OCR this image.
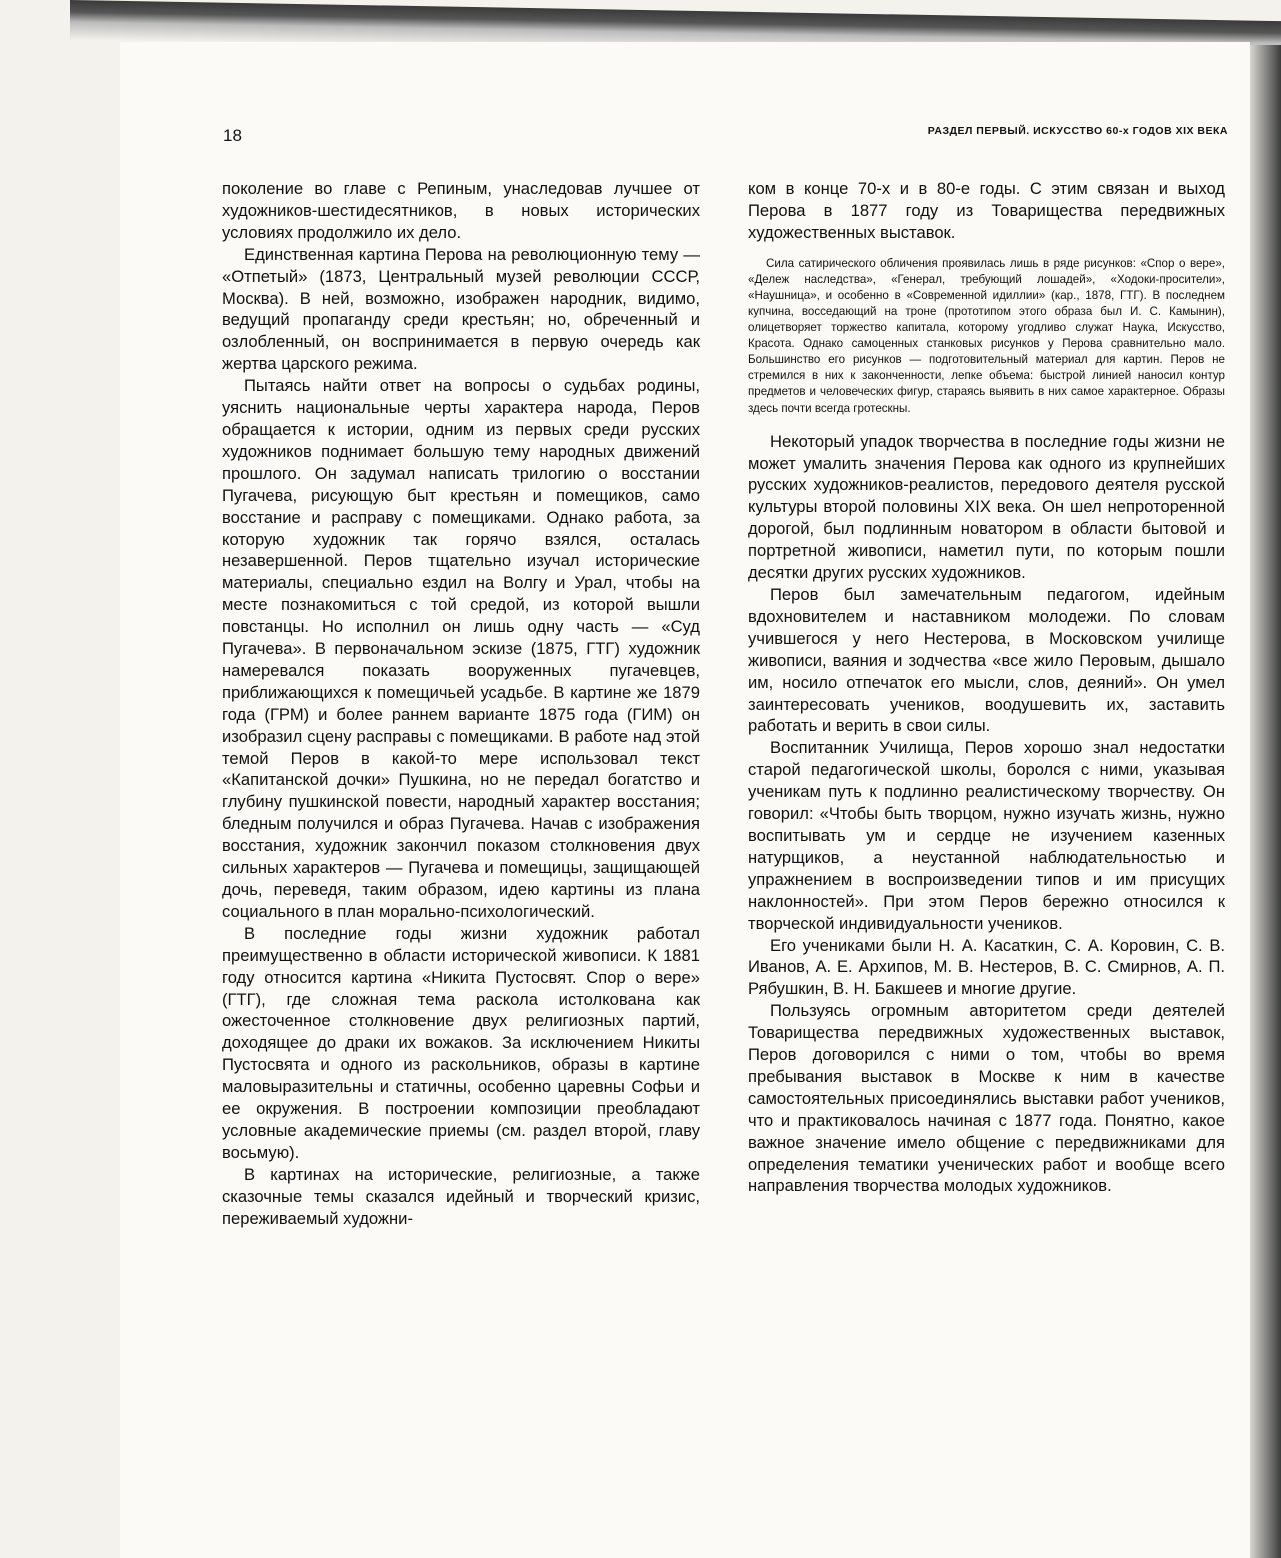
18	РАЗДЕЛ ПЕРВЫЙ. ИСКУССТВО 60-х ГОДОВ XIX ВЕКА

поколение во главе с Репиным, унаследовав лучшее от художников-шестидесятников, в новых исторических условиях продолжило их дело.

Единственная картина Перова на революционную тему — «Отпетый» (1873, Центральный музей революции СССР, Москва). В ней, возможно, изображен народник, видимо, ведущий пропаганду среди крестьян; но, обреченный и озлобленный, он воспринимается в первую очередь как жертва царского режима.

Пытаясь найти ответ на вопросы о судьбах родины, уяснить национальные черты характера народа, Перов обращается к истории, одним из первых среди русских художников поднимает большую тему народных движений прошлого. Он задумал написать трилогию о восстании Пугачева, рисующую быт крестьян и помещиков, само восстание и расправу с помещиками. Однако работа, за которую художник так горячо взялся, осталась незавершенной. Перов тщательно изучал исторические материалы, специально ездил на Волгу и Урал, чтобы на месте познакомиться с той средой, из которой вышли повстанцы. Но исполнил он лишь одну часть — «Суд Пугачева». В первоначальном эскизе (1875, ГТГ) художник намеревался показать вооруженных пугачевцев, приближающихся к помещичьей усадьбе. В картине же 1879 года (ГРМ) и более раннем варианте 1875 года (ГИМ) он изобразил сцену расправы с помещиками. В работе над этой темой Перов в какой-то мере использовал текст «Капитанской дочки» Пушкина, но не передал богатство и глубину пушкинской повести, народный характер восстания; бледным получился и образ Пугачева. Начав с изображения восстания, художник закончил показом столкновения двух сильных характеров — Пугачева и помещицы, защищающей дочь, переведя, таким образом, идею картины из плана социального в план морально-психологический.

В последние годы жизни художник работал преимущественно в области исторической живописи. К 1881 году относится картина «Никита Пустосвят. Спор о вере» (ГТГ), где сложная тема раскола истолкована как ожесточенное столкновение двух религиозных партий, доходящее до драки их вожаков. За исключением Никиты Пустосвята и одного из раскольников, образы в картине маловыразительны и статичны, особенно царевны Софьи и ее окружения. В построении композиции преобладают условные академические приемы (см. раздел второй, главу восьмую).

В картинах на исторические, религиозные, а также сказочные темы сказался идейный и творческий кризис, переживаемый художни-

ком в конце 70-х и в 80-е годы. С этим связан и выход Перова в 1877 году из Товарищества передвижных художественных выставок.

Сила сатирического обличения проявилась лишь в ряде рисунков: «Спор о вере», «Дележ наследства», «Генерал, требующий лошадей», «Ходоки-просители», «Наушница», и особенно в «Современной идиллии» (кар., 1878, ГТГ). В последнем купчина, восседающий на троне (прототипом этого образа был И. С. Камынин), олицетворяет торжество капитала, которому угодливо служат Наука, Искусство, Красота. Однако самоценных станковых рисунков у Перова сравнительно мало. Большинство его рисунков — подготовительный материал для картин. Перов не стремился в них к законченности, лепке объема: быстрой линией наносил контур предметов и человеческих фигур, стараясь выявить в них самое характерное. Образы здесь почти всегда гротескны.

Некоторый упадок творчества в последние годы жизни не может умалить значения Перова как одного из крупнейших русских художников-реалистов, передового деятеля русской культуры второй половины XIX века. Он шел непроторенной дорогой, был подлинным новатором в области бытовой и портретной живописи, наметил пути, по которым пошли десятки других русских художников.

Перов был замечательным педагогом, идейным вдохновителем и наставником молодежи. По словам учившегося у него Нестерова, в Московском училище живописи, ваяния и зодчества «все жило Перовым, дышало им, носило отпечаток его мысли, слов, деяний». Он умел заинтересовать учеников, воодушевить их, заставить работать и верить в свои силы.

Воспитанник Училища, Перов хорошо знал недостатки старой педагогической школы, боролся с ними, указывая ученикам путь к подлинно реалистическому творчеству. Он говорил: «Чтобы быть творцом, нужно изучать жизнь, нужно воспитывать ум и сердце не изучением казенных натурщиков, а неустанной наблюдательностью и упражнением в воспроизведении типов и им присущих наклонностей». При этом Перов бережно относился к творческой индивидуальности учеников.

Его учениками были Н. А. Касаткин, С. А. Коровин, С. В. Иванов, А. Е. Архипов, М. В. Нестеров, В. С. Смирнов, А. П. Рябушкин, В. Н. Бакшеев и многие другие.

Пользуясь огромным авторитетом среди деятелей Товарищества передвижных художественных выставок, Перов договорился с ними о том, чтобы во время пребывания выставок в Москве к ним в качестве самостоятельных присоединялись выставки работ учеников, что и практиковалось начиная с 1877 года. Понятно, какое важное значение имело общение с передвижниками для определения тематики ученических работ и вообще всего направления творчества молодых художников.
